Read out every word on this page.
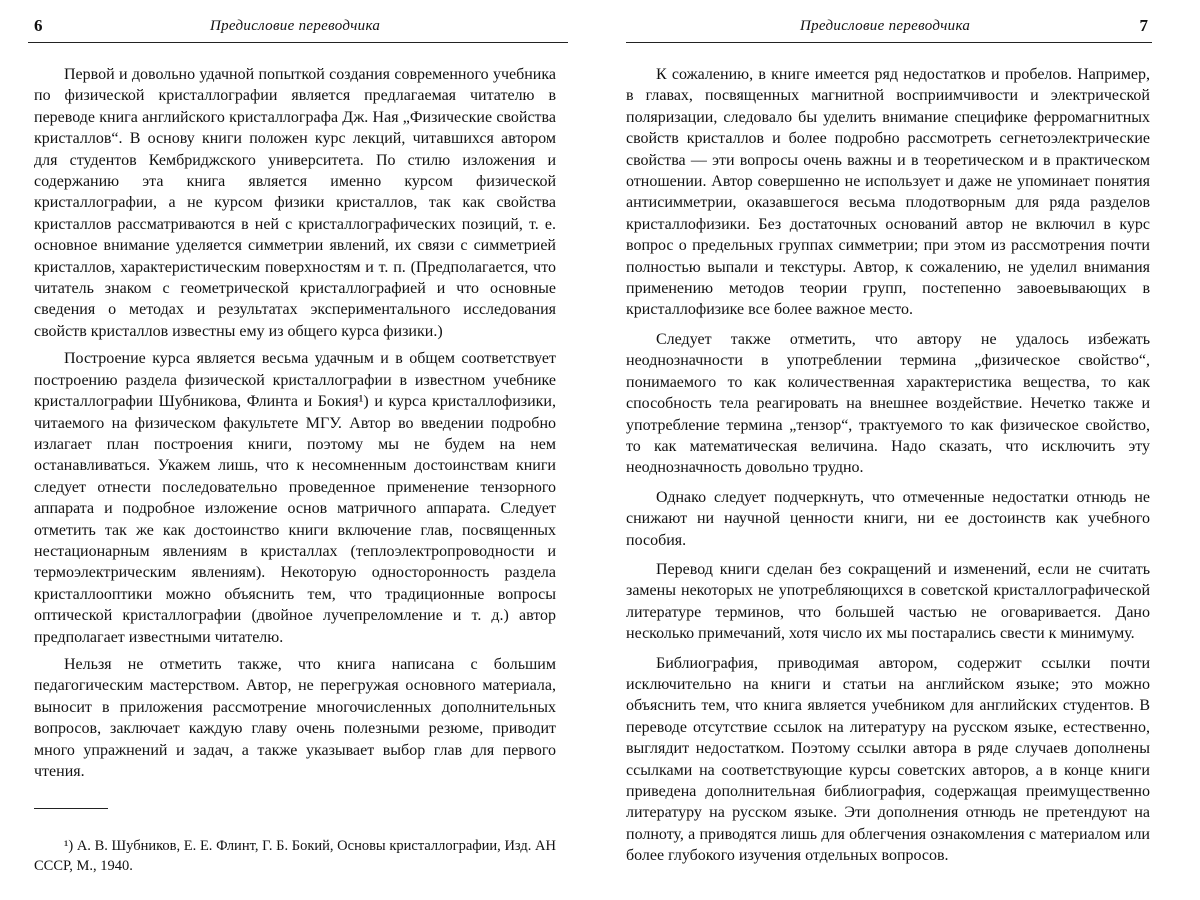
6	Предисловие переводчика

Первой и довольно удачной попыткой создания современного учебника по физической кристаллографии является предлагаемая читателю в переводе книга английского кристаллографа Дж. Ная „Физические свойства кристаллов“. В основу книги положен курс лекций, читавшихся автором для студентов Кембриджского университета. По стилю изложения и содержанию эта книга является именно курсом физической кристаллографии, а не курсом физики кристаллов, так как свойства кристаллов рассматриваются в ней с кристаллографических позиций, т. е. основное внимание уделяется симметрии явлений, их связи с симметрией кристаллов, характеристическим поверхностям и т. п. (Предполагается, что читатель знаком с геометрической кристаллографией и что основные сведения о методах и результатах экспериментального исследования свойств кристаллов известны ему из общего курса физики.)

Построение курса является весьма удачным и в общем соответствует построению раздела физической кристаллографии в известном учебнике кристаллографии Шубникова, Флинта и Бокия¹) и курса кристаллофизики, читаемого на физическом факультете МГУ. Автор во введении подробно излагает план построения книги, поэтому мы не будем на нем останавливаться. Укажем лишь, что к несомненным достоинствам книги следует отнести последовательно проведенное применение тензорного аппарата и подробное изложение основ матричного аппарата. Следует отметить так же как достоинство книги включение глав, посвященных нестационарным явлениям в кристаллах (теплоэлектропроводности и термоэлектрическим явлениям). Некоторую односторонность раздела кристаллооптики можно объяснить тем, что традиционные вопросы оптической кристаллографии (двойное лучепреломление и т. д.) автор предполагает известными читателю.

Нельзя не отметить также, что книга написана с большим педагогическим мастерством. Автор, не перегружая основного материала, выносит в приложения рассмотрение многочисленных дополнительных вопросов, заключает каждую главу очень полезными резюме, приводит много упражнений и задач, а также указывает выбор глав для первого чтения.

¹) А. В. Шубников, Е. Е. Флинт, Г. Б. Бокий, Основы кристаллографии, Изд. АН СССР, М., 1940.
Предисловие переводчика	7

К сожалению, в книге имеется ряд недостатков и пробелов. Например, в главах, посвященных магнитной восприимчивости и электрической поляризации, следовало бы уделить внимание специфике ферромагнитных свойств кристаллов и более подробно рассмотреть сегнетоэлектрические свойства — эти вопросы очень важны и в теоретическом и в практическом отношении. Автор совершенно не использует и даже не упоминает понятия антисимметрии, оказавшегося весьма плодотворным для ряда разделов кристаллофизики. Без достаточных оснований автор не включил в курс вопрос о предельных группах симметрии; при этом из рассмотрения почти полностью выпали и текстуры. Автор, к сожалению, не уделил внимания применению методов теории групп, постепенно завоевывающих в кристаллофизике все более важное место.

Следует также отметить, что автору не удалось избежать неоднозначности в употреблении термина „физическое свойство“, понимаемого то как количественная характеристика вещества, то как способность тела реагировать на внешнее воздействие. Нечетко также и употребление термина „тензор“, трактуемого то как физическое свойство, то как математическая величина. Надо сказать, что исключить эту неоднозначность довольно трудно.

Однако следует подчеркнуть, что отмеченные недостатки отнюдь не снижают ни научной ценности книги, ни ее достоинств как учебного пособия.

Перевод книги сделан без сокращений и изменений, если не считать замены некоторых не употребляющихся в советской кристаллографической литературе терминов, что большей частью не оговаривается. Дано несколько примечаний, хотя число их мы постарались свести к минимуму.

Библиография, приводимая автором, содержит ссылки почти исключительно на книги и статьи на английском языке; это можно объяснить тем, что книга является учебником для английских студентов. В переводе отсутствие ссылок на литературу на русском языке, естественно, выглядит недостатком. Поэтому ссылки автора в ряде случаев дополнены ссылками на соответствующие курсы советских авторов, а в конце книги приведена дополнительная библиография, содержащая преимущественно литературу на русском языке. Эти дополнения отнюдь не претендуют на полноту, а приводятся лишь для облегчения ознакомления с материалом или более глубокого изучения отдельных вопросов.
